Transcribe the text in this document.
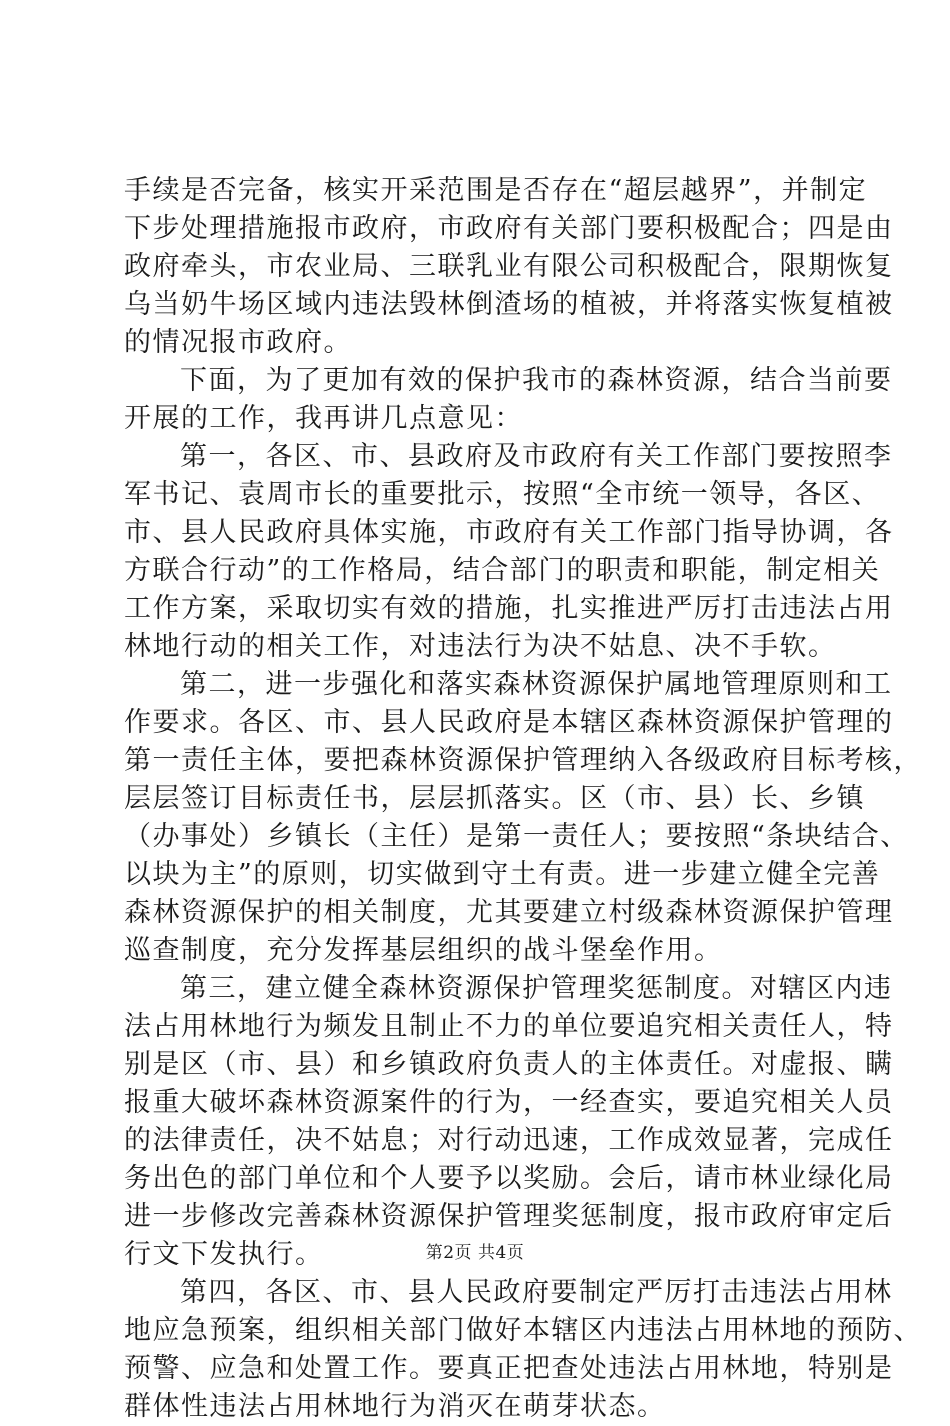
手续是否完备，核实开采范围是否存在“超层越界”，并制定
下步处理措施报市政府，市政府有关部门要积极配合；四是由
政府牵头，市农业局、三联乳业有限公司积极配合，限期恢复
乌当奶牛场区域内违法毁林倒渣场的植被，并将落实恢复植被
的情况报市政府。
下面，为了更加有效的保护我市的森林资源，结合当前要
开展的工作，我再讲几点意见：
第一，各区、市、县政府及市政府有关工作部门要按照李
军书记、袁周市长的重要批示，按照“全市统一领导，各区、
市、县人民政府具体实施，市政府有关工作部门指导协调，各
方联合行动”的工作格局，结合部门的职责和职能，制定相关
工作方案，采取切实有效的措施，扎实推进严厉打击违法占用
林地行动的相关工作，对违法行为决不姑息、决不手软。
第二，进一步强化和落实森林资源保护属地管理原则和工
作要求。各区、市、县人民政府是本辖区森林资源保护管理的
第一责任主体，要把森林资源保护管理纳入各级政府目标考核，
层层签订目标责任书，层层抓落实。区（市、县）长、乡镇
（办事处）乡镇长（主任）是第一责任人；要按照“条块结合、
以块为主”的原则，切实做到守土有责。进一步建立健全完善
森林资源保护的相关制度，尤其要建立村级森林资源保护管理
巡查制度，充分发挥基层组织的战斗堡垒作用。
第三，建立健全森林资源保护管理奖惩制度。对辖区内违
法占用林地行为频发且制止不力的单位要追究相关责任人，特
别是区（市、县）和乡镇政府负责人的主体责任。对虚报、瞒
报重大破坏森林资源案件的行为，一经查实，要追究相关人员
的法律责任，决不姑息；对行动迅速，工作成效显著，完成任
务出色的部门单位和个人要予以奖励。会后，请市林业绿化局
进一步修改完善森林资源保护管理奖惩制度，报市政府审定后
行文下发执行。
第四，各区、市、县人民政府要制定严厉打击违法占用林
地应急预案，组织相关部门做好本辖区内违法占用林地的预防、
预警、应急和处置工作。要真正把查处违法占用林地，特别是
群体性违法占用林地行为消灭在萌芽状态。
第2页 共4页
